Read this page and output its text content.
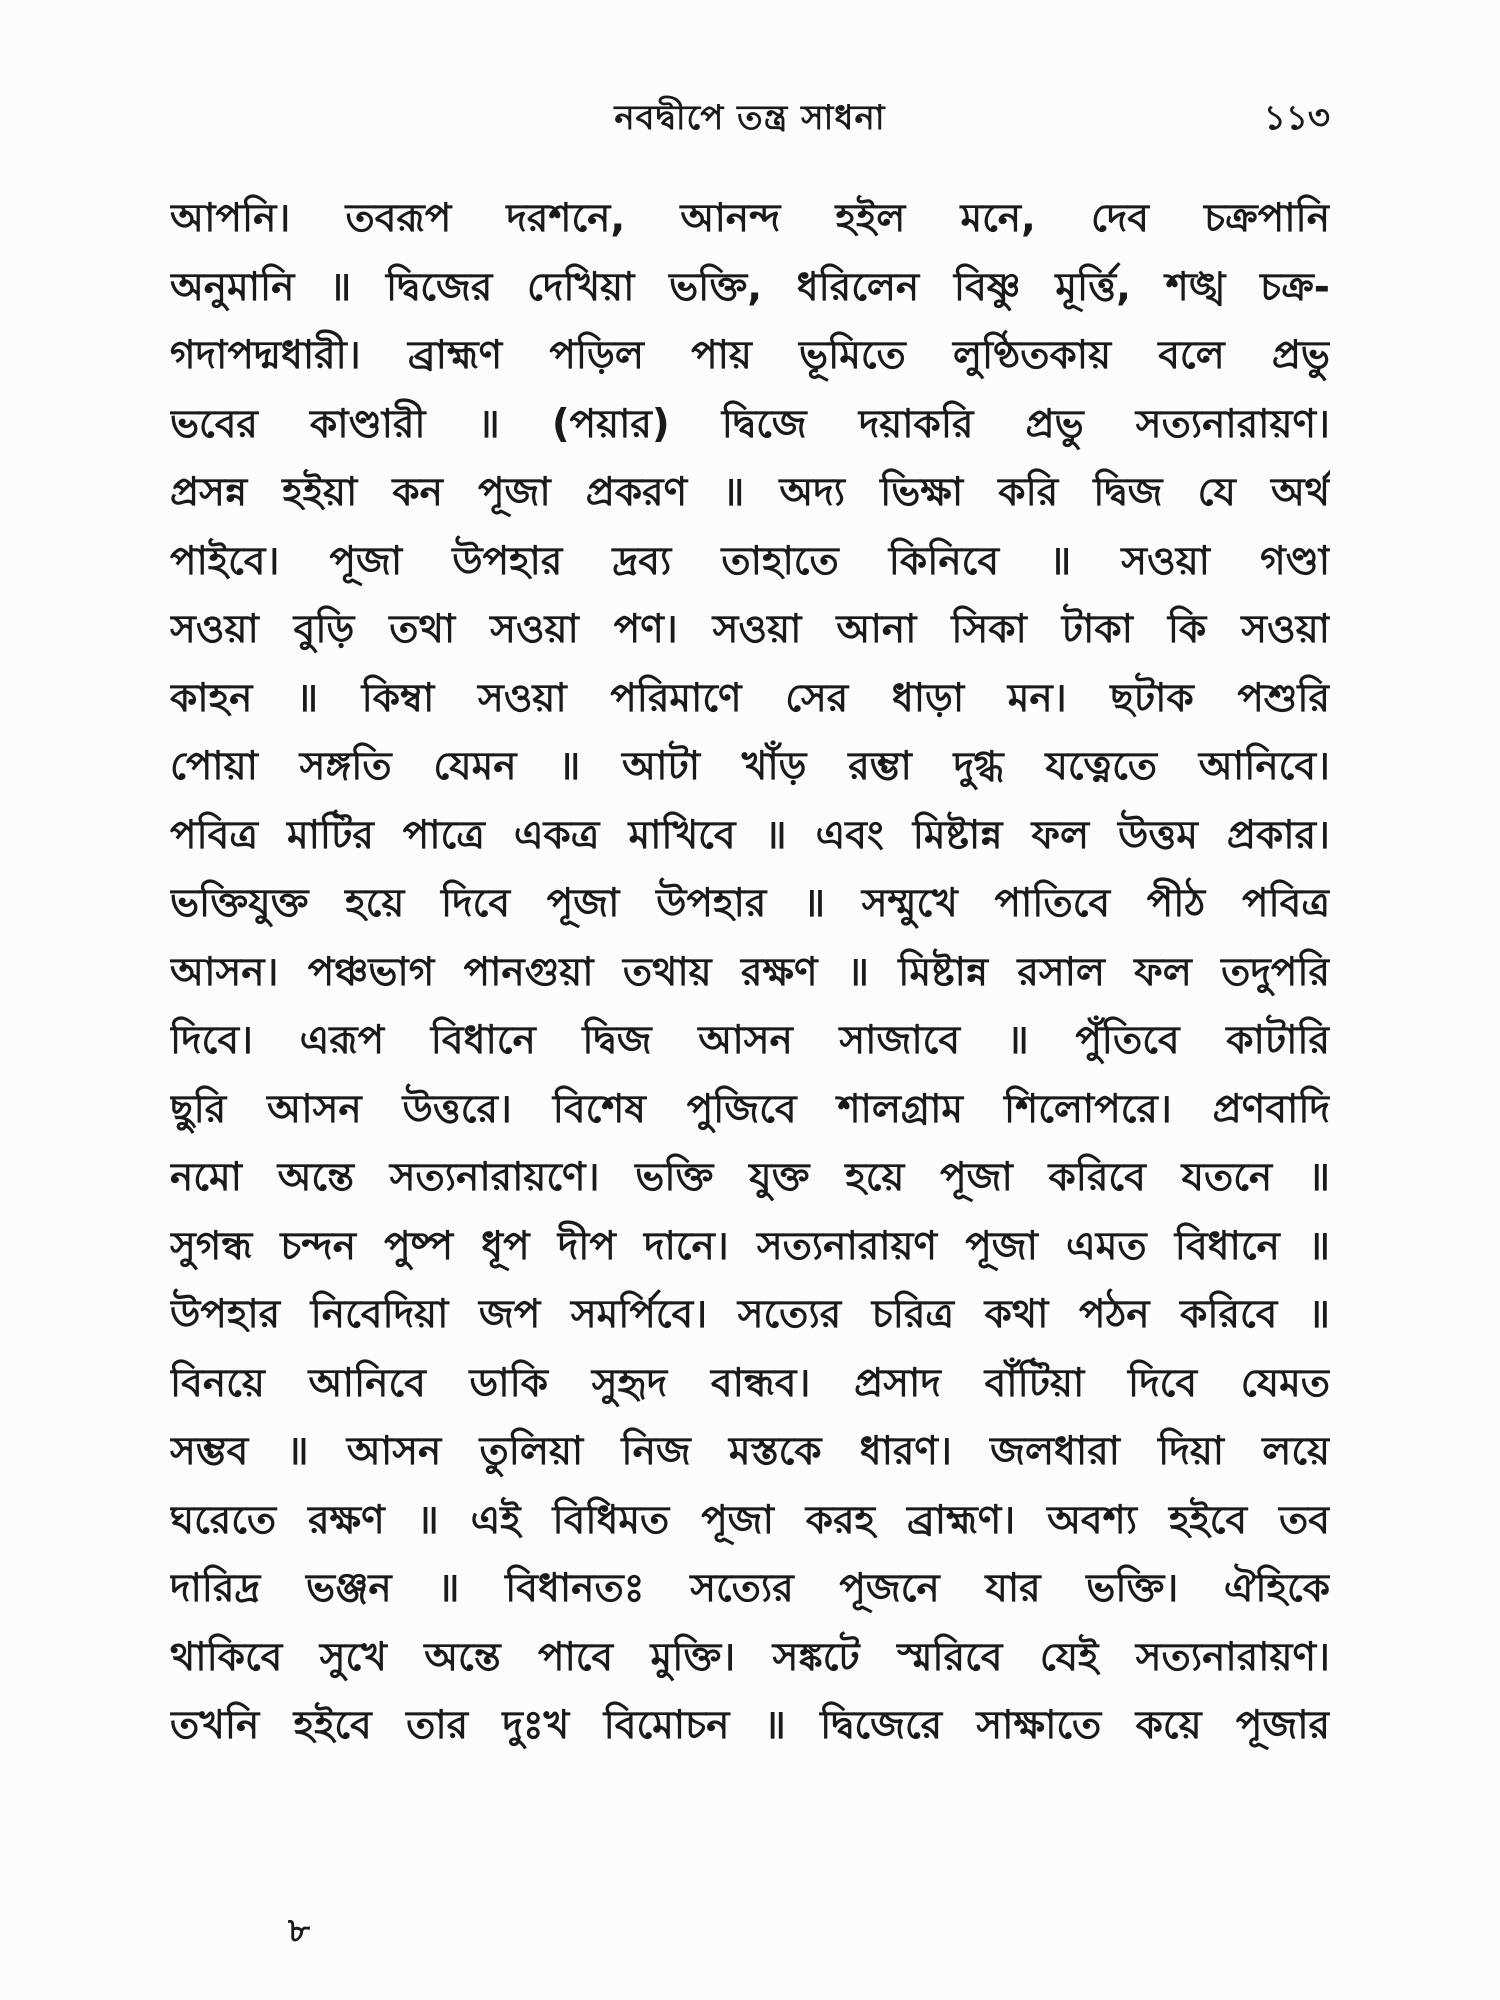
নবদ্বীপে তন্ত্র সাধনা	১১৩
আপনি। তবরূপ দরশনে, আনন্দ হইল মনে, দেব চক্রপানি
অনুমানি ॥ দ্বিজের দেখিয়া ভক্তি, ধরিলেন বিষ্ণু মূর্ত্তি, শঙ্খ চক্র-
গদাপদ্মধারী। ব্রাহ্মণ পড়িল পায় ভূমিতে লুণ্ঠিতকায় বলে প্রভু
ভবের কাণ্ডারী ॥ (পয়ার) দ্বিজে দয়াকরি প্রভু সত্যনারায়ণ।
প্রসন্ন হইয়া কন পূজা প্রকরণ ॥ অদ্য ভিক্ষা করি দ্বিজ যে অর্থ
পাইবে। পূজা উপহার দ্রব্য তাহাতে কিনিবে ॥ সওয়া গণ্ডা
সওয়া বুড়ি তথা সওয়া পণ। সওয়া আনা সিকা টাকা কি সওয়া
কাহন ॥ কিম্বা সওয়া পরিমাণে সের ধাড়া মন। ছটাক পশুরি
পোয়া সঙ্গতি যেমন ॥ আটা খাঁড় রম্ভা দুগ্ধ যত্নেতে আনিবে।
পবিত্র মাটির পাত্রে একত্র মাখিবে ॥ এবং মিষ্টান্ন ফল উত্তম প্রকার।
ভক্তিযুক্ত হয়ে দিবে পূজা উপহার ॥ সম্মুখে পাতিবে পীঠ পবিত্র
আসন। পঞ্চভাগ পানগুয়া তথায় রক্ষণ ॥ মিষ্টান্ন রসাল ফল তদুপরি
দিবে। এরূপ বিধানে দ্বিজ আসন সাজাবে ॥ পুঁতিবে কাটারি
ছুরি আসন উত্তরে। বিশেষ পুজিবে শালগ্রাম শিলোপরে। প্রণবাদি
নমো অন্তে সত্যনারায়ণে। ভক্তি যুক্ত হয়ে পূজা করিবে যতনে ॥
সুগন্ধ চন্দন পুষ্প ধূপ দীপ দানে। সত্যনারায়ণ পূজা এমত বিধানে ॥
উপহার নিবেদিয়া জপ সমর্পিবে। সত্যের চরিত্র কথা পঠন করিবে ॥
বিনয়ে আনিবে ডাকি সুহৃদ বান্ধব। প্রসাদ বাঁটিয়া দিবে যেমত
সম্ভব ॥ আসন তুলিয়া নিজ মস্তকে ধারণ। জলধারা দিয়া লয়ে
ঘরেতে রক্ষণ ॥ এই বিধিমত পূজা করহ ব্রাহ্মণ। অবশ্য হইবে তব
দারিদ্র ভঞ্জন ॥ বিধানতঃ সত্যের পূজনে যার ভক্তি। ঐহিকে
থাকিবে সুখে অন্তে পাবে মুক্তি। সঙ্কটে স্মরিবে যেই সত্যনারায়ণ।
তখনি হইবে তার দুঃখ বিমোচন ॥ দ্বিজেরে সাক্ষাতে কয়ে পূজার
৮
